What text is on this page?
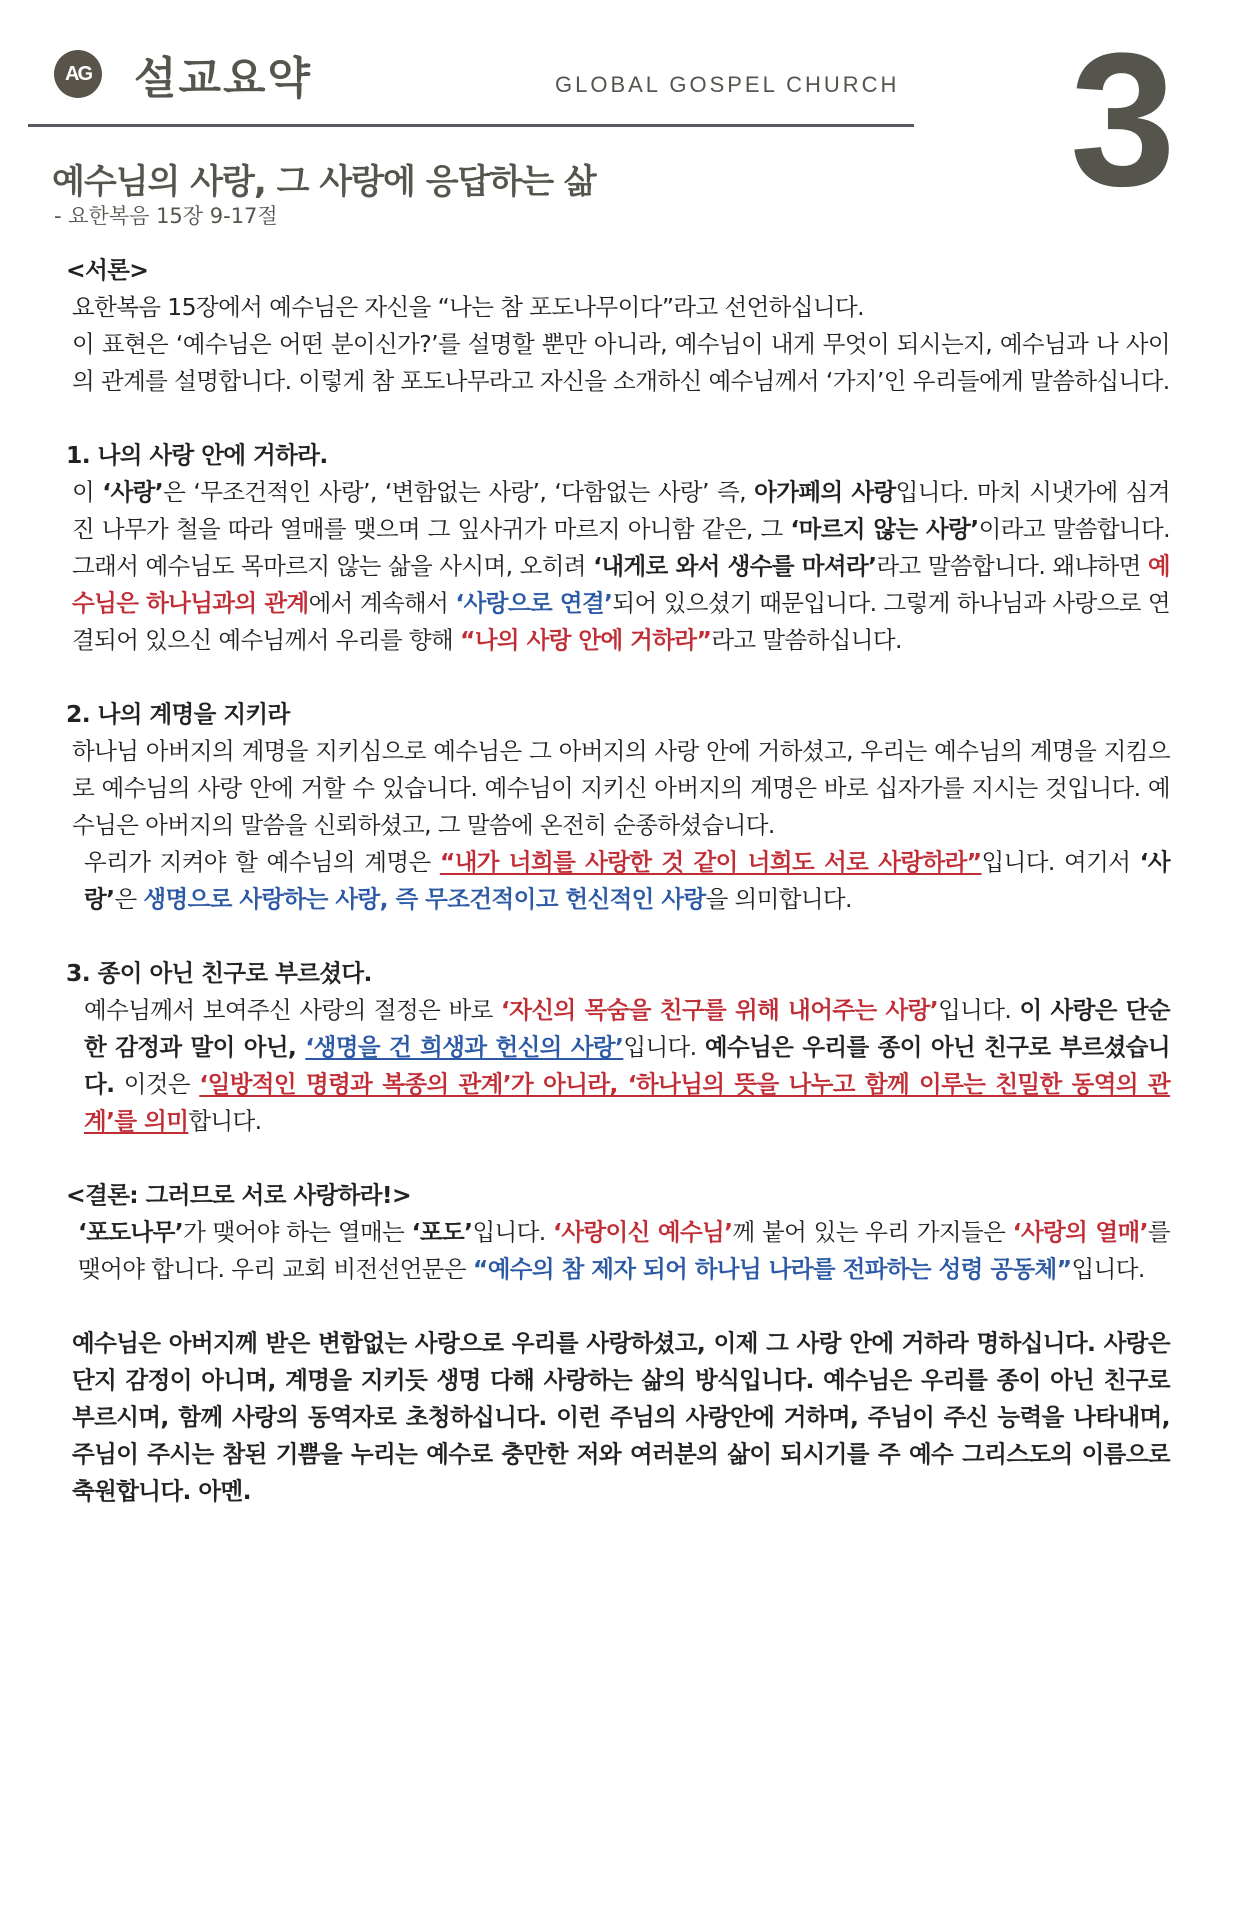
AG 설교요약	GLOBAL GOSPEL CHURCH 3
예수님의 사랑, 그 사랑에 응답하는 삶
- 요한복음 15장 9-17절

<서론>

요한복음 15장에서 예수님은 자신을 “나는 참 포도나무이다”라고 선언하십니다.

이 표현은 ‘예수님은 어떤 분이신가?’를 설명할 뿐만 아니라, 예수님이 내게 무엇이 되시는지, 예수님과 나 사이의 관계를 설명합니다. 이렇게 참 포도나무라고 자신을 소개하신 예수님께서 ‘가지’인 우리들에게 말씀하십니다.

1. 나의 사랑 안에 거하라.

이 ‘사랑’은 ‘무조건적인 사랑’, ‘변함없는 사랑’, ‘다함없는 사랑’ 즉, 아가페의 사랑입니다. 마치 시냇가에 심겨진 나무가 철을 따라 열매를 맺으며 그 잎사귀가 마르지 아니함 같은, 그 ‘마르지 않는 사랑’이라고 말씀합니다. 그래서 예수님도 목마르지 않는 삶을 사시며, 오히려 ‘내게로 와서 생수를 마셔라’라고 말씀합니다. 왜냐하면 예수님은 하나님과의 관계에서 계속해서 ‘사랑으로 연결’되어 있으셨기 때문입니다. 그렇게 하나님과 사랑으로 연결되어 있으신 예수님께서 우리를 향해 “나의 사랑 안에 거하라”라고 말씀하십니다.

2. 나의 계명을 지키라

하나님 아버지의 계명을 지키심으로 예수님은 그 아버지의 사랑 안에 거하셨고, 우리는 예수님의 계명을 지킴으로 예수님의 사랑 안에 거할 수 있습니다. 예수님이 지키신 아버지의 계명은 바로 십자가를 지시는 것입니다. 예수님은 아버지의 말씀을 신뢰하셨고, 그 말씀에 온전히 순종하셨습니다.

우리가 지켜야 할 예수님의 계명은 “내가 너희를 사랑한 것 같이 너희도 서로 사랑하라”입니다. 여기서 ‘사랑’은 생명으로 사랑하는 사랑, 즉 무조건적이고 헌신적인 사랑을 의미합니다.

3. 종이 아닌 친구로 부르셨다.

예수님께서 보여주신 사랑의 절정은 바로 ‘자신의 목숨을 친구를 위해 내어주는 사랑’입니다. 이 사랑은 단순한 감정과 말이 아닌, ‘생명을 건 희생과 헌신의 사랑’입니다. 예수님은 우리를 종이 아닌 친구로 부르셨습니다. 이것은 ‘일방적인 명령과 복종의 관계’가 아니라, ‘하나님의 뜻을 나누고 함께 이루는 친밀한 동역의 관계’를 의미합니다.

<결론: 그러므로 서로 사랑하라!>

‘포도나무’가 맺어야 하는 열매는 ‘포도’입니다. ‘사랑이신 예수님’께 붙어 있는 우리 가지들은 ‘사랑의 열매’를 맺어야 합니다. 우리 교회 비전선언문은 “예수의 참 제자 되어 하나님 나라를 전파하는 성령 공동체”입니다.

예수님은 아버지께 받은 변함없는 사랑으로 우리를 사랑하셨고, 이제 그 사랑 안에 거하라 명하십니다. 사랑은 단지 감정이 아니며, 계명을 지키듯 생명 다해 사랑하는 삶의 방식입니다. 예수님은 우리를 종이 아닌 친구로 부르시며, 함께 사랑의 동역자로 초청하십니다. 이런 주님의 사랑안에 거하며, 주님이 주신 능력을 나타내며, 주님이 주시는 참된 기쁨을 누리는 예수로 충만한 저와 여러분의 삶이 되시기를 주 예수 그리스도의 이름으로 축원합니다. 아멘.
